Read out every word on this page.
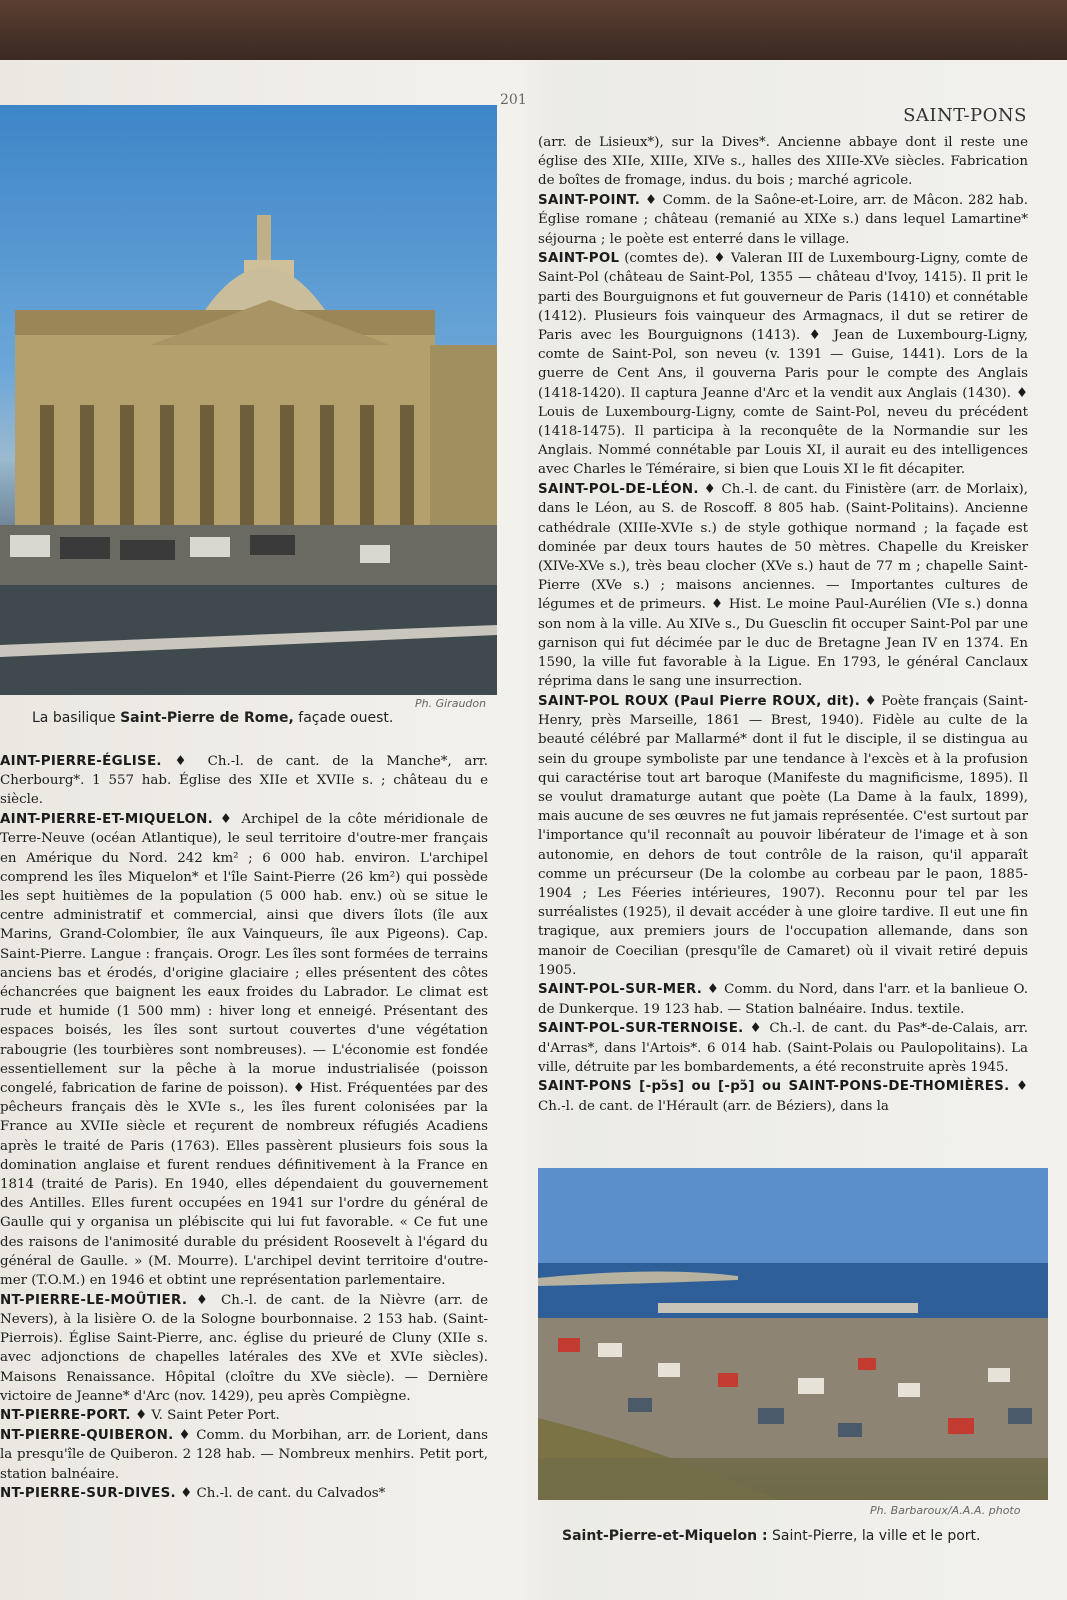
201
SAINT-PONS
Ph. Giraudon
La basilique Saint-Pierre de Rome, façade ouest.

AINT-PIERRE-ÉGLISE. ♦ Ch.-l. de cant. de la Manche*, arr. Cherbourg*. 1 557 hab. Église des XIIe et XVIIe s. ; château du e siècle.

AINT-PIERRE-ET-MIQUELON. ♦ Archipel de la côte méridionale de Terre-Neuve (océan Atlantique), le seul territoire d'outre-mer français en Amérique du Nord. 242 km² ; 6 000 hab. environ. L'archipel comprend les îles Miquelon* et l'île Saint-Pierre (26 km²) qui possède les sept huitièmes de la population (5 000 hab. env.) où se situe le centre administratif et commercial, ainsi que divers îlots (île aux Marins, Grand-Colombier, île aux Vainqueurs, île aux Pigeons). Cap. Saint-Pierre. Langue : français. Orogr. Les îles sont formées de terrains anciens bas et érodés, d'origine glaciaire ; elles présentent des côtes échancrées que baignent les eaux froides du Labrador. Le climat est rude et humide (1 500 mm) : hiver long et enneigé. Présentant des espaces boisés, les îles sont surtout couvertes d'une végétation rabougrie (les tourbières sont nombreuses). — L'économie est fondée essentiellement sur la pêche à la morue industrialisée (poisson congelé, fabrication de farine de poisson). ♦ Hist. Fréquentées par des pêcheurs français dès le XVIe s., les îles furent colonisées par la France au XVIIe siècle et reçurent de nombreux réfugiés Acadiens après le traité de Paris (1763). Elles passèrent plusieurs fois sous la domination anglaise et furent rendues définitivement à la France en 1814 (traité de Paris). En 1940, elles dépendaient du gouvernement des Antilles. Elles furent occupées en 1941 sur l'ordre du général de Gaulle qui y organisa un plébiscite qui lui fut favorable. « Ce fut une des raisons de l'animosité durable du président Roosevelt à l'égard du général de Gaulle. » (M. Mourre). L'archipel devint territoire d'outre-mer (T.O.M.) en 1946 et obtint une représentation parlementaire.

NT-PIERRE-LE-MOÛTIER. ♦ Ch.-l. de cant. de la Nièvre (arr. de Nevers), à la lisière O. de la Sologne bourbonnaise. 2 153 hab. (Saint-Pierrois). Église Saint-Pierre, anc. église du prieuré de Cluny (XIIe s. avec adjonctions de chapelles latérales des XVe et XVIe siècles). Maisons Renaissance. Hôpital (cloître du XVe siècle). — Dernière victoire de Jeanne* d'Arc (nov. 1429), peu après Compiègne.

NT-PIERRE-PORT. ♦ V. Saint Peter Port.

NT-PIERRE-QUIBERON. ♦ Comm. du Morbihan, arr. de Lorient, dans la presqu'île de Quiberon. 2 128 hab. — Nombreux menhirs. Petit port, station balnéaire.

NT-PIERRE-SUR-DIVES. ♦ Ch.-l. de cant. du Calvados*

(arr. de Lisieux*), sur la Dives*. Ancienne abbaye dont il reste une église des XIIe, XIIIe, XIVe s., halles des XIIIe-XVe siècles. Fabrication de boîtes de fromage, indus. du bois ; marché agricole.

SAINT-POINT. ♦ Comm. de la Saône-et-Loire, arr. de Mâcon. 282 hab. Église romane ; château (remanié au XIXe s.) dans lequel Lamartine* séjourna ; le poète est enterré dans le village.

SAINT-POL (comtes de). ♦ Valeran III de Luxembourg-Ligny, comte de Saint-Pol (château de Saint-Pol, 1355 — château d'Ivoy, 1415). Il prit le parti des Bourguignons et fut gouverneur de Paris (1410) et connétable (1412). Plusieurs fois vainqueur des Armagnacs, il dut se retirer de Paris avec les Bourguignons (1413). ♦ Jean de Luxembourg-Ligny, comte de Saint-Pol, son neveu (v. 1391 — Guise, 1441). Lors de la guerre de Cent Ans, il gouverna Paris pour le compte des Anglais (1418-1420). Il captura Jeanne d'Arc et la vendit aux Anglais (1430). ♦ Louis de Luxembourg-Ligny, comte de Saint-Pol, neveu du précédent (1418-1475). Il participa à la reconquête de la Normandie sur les Anglais. Nommé connétable par Louis XI, il aurait eu des intelligences avec Charles le Téméraire, si bien que Louis XI le fit décapiter.

SAINT-POL-DE-LÉON. ♦ Ch.-l. de cant. du Finistère (arr. de Morlaix), dans le Léon, au S. de Roscoff. 8 805 hab. (Saint-Politains). Ancienne cathédrale (XIIIe-XVIe s.) de style gothique normand ; la façade est dominée par deux tours hautes de 50 mètres. Chapelle du Kreisker (XIVe-XVe s.), très beau clocher (XVe s.) haut de 77 m ; chapelle Saint-Pierre (XVe s.) ; maisons anciennes. — Importantes cultures de légumes et de primeurs. ♦ Hist. Le moine Paul-Aurélien (VIe s.) donna son nom à la ville. Au XIVe s., Du Guesclin fit occuper Saint-Pol par une garnison qui fut décimée par le duc de Bretagne Jean IV en 1374. En 1590, la ville fut favorable à la Ligue. En 1793, le général Canclaux réprima dans le sang une insurrection.

SAINT-POL ROUX (Paul Pierre ROUX, dit). ♦ Poète français (Saint-Henry, près Marseille, 1861 — Brest, 1940). Fidèle au culte de la beauté célébré par Mallarmé* dont il fut le disciple, il se distingua au sein du groupe symboliste par une tendance à l'excès et à la profusion qui caractérise tout art baroque (Manifeste du magnificisme, 1895). Il se voulut dramaturge autant que poète (La Dame à la faulx, 1899), mais aucune de ses œuvres ne fut jamais représentée. C'est surtout par l'importance qu'il reconnaît au pouvoir libérateur de l'image et à son autonomie, en dehors de tout contrôle de la raison, qu'il apparaît comme un précurseur (De la colombe au corbeau par le paon, 1885-1904 ; Les Féeries intérieures, 1907). Reconnu pour tel par les surréalistes (1925), il devait accéder à une gloire tardive. Il eut une fin tragique, aux premiers jours de l'occupation allemande, dans son manoir de Coecilian (presqu'île de Camaret) où il vivait retiré depuis 1905.

SAINT-POL-SUR-MER. ♦ Comm. du Nord, dans l'arr. et la banlieue O. de Dunkerque. 19 123 hab. — Station balnéaire. Indus. textile.

SAINT-POL-SUR-TERNOISE. ♦ Ch.-l. de cant. du Pas*-de-Calais, arr. d'Arras*, dans l'Artois*. 6 014 hab. (Saint-Polais ou Paulopolitains). La ville, détruite par les bombardements, a été reconstruite après 1945.

SAINT-PONS [-pɔ̃s] ou [-pɔ̃] ou SAINT-PONS-DE-THOMIÈRES. ♦ Ch.-l. de cant. de l'Hérault (arr. de Béziers), dans la

Ph. Barbaroux/A.A.A. photo
Saint-Pierre-et-Miquelon : Saint-Pierre, la ville et le port.
